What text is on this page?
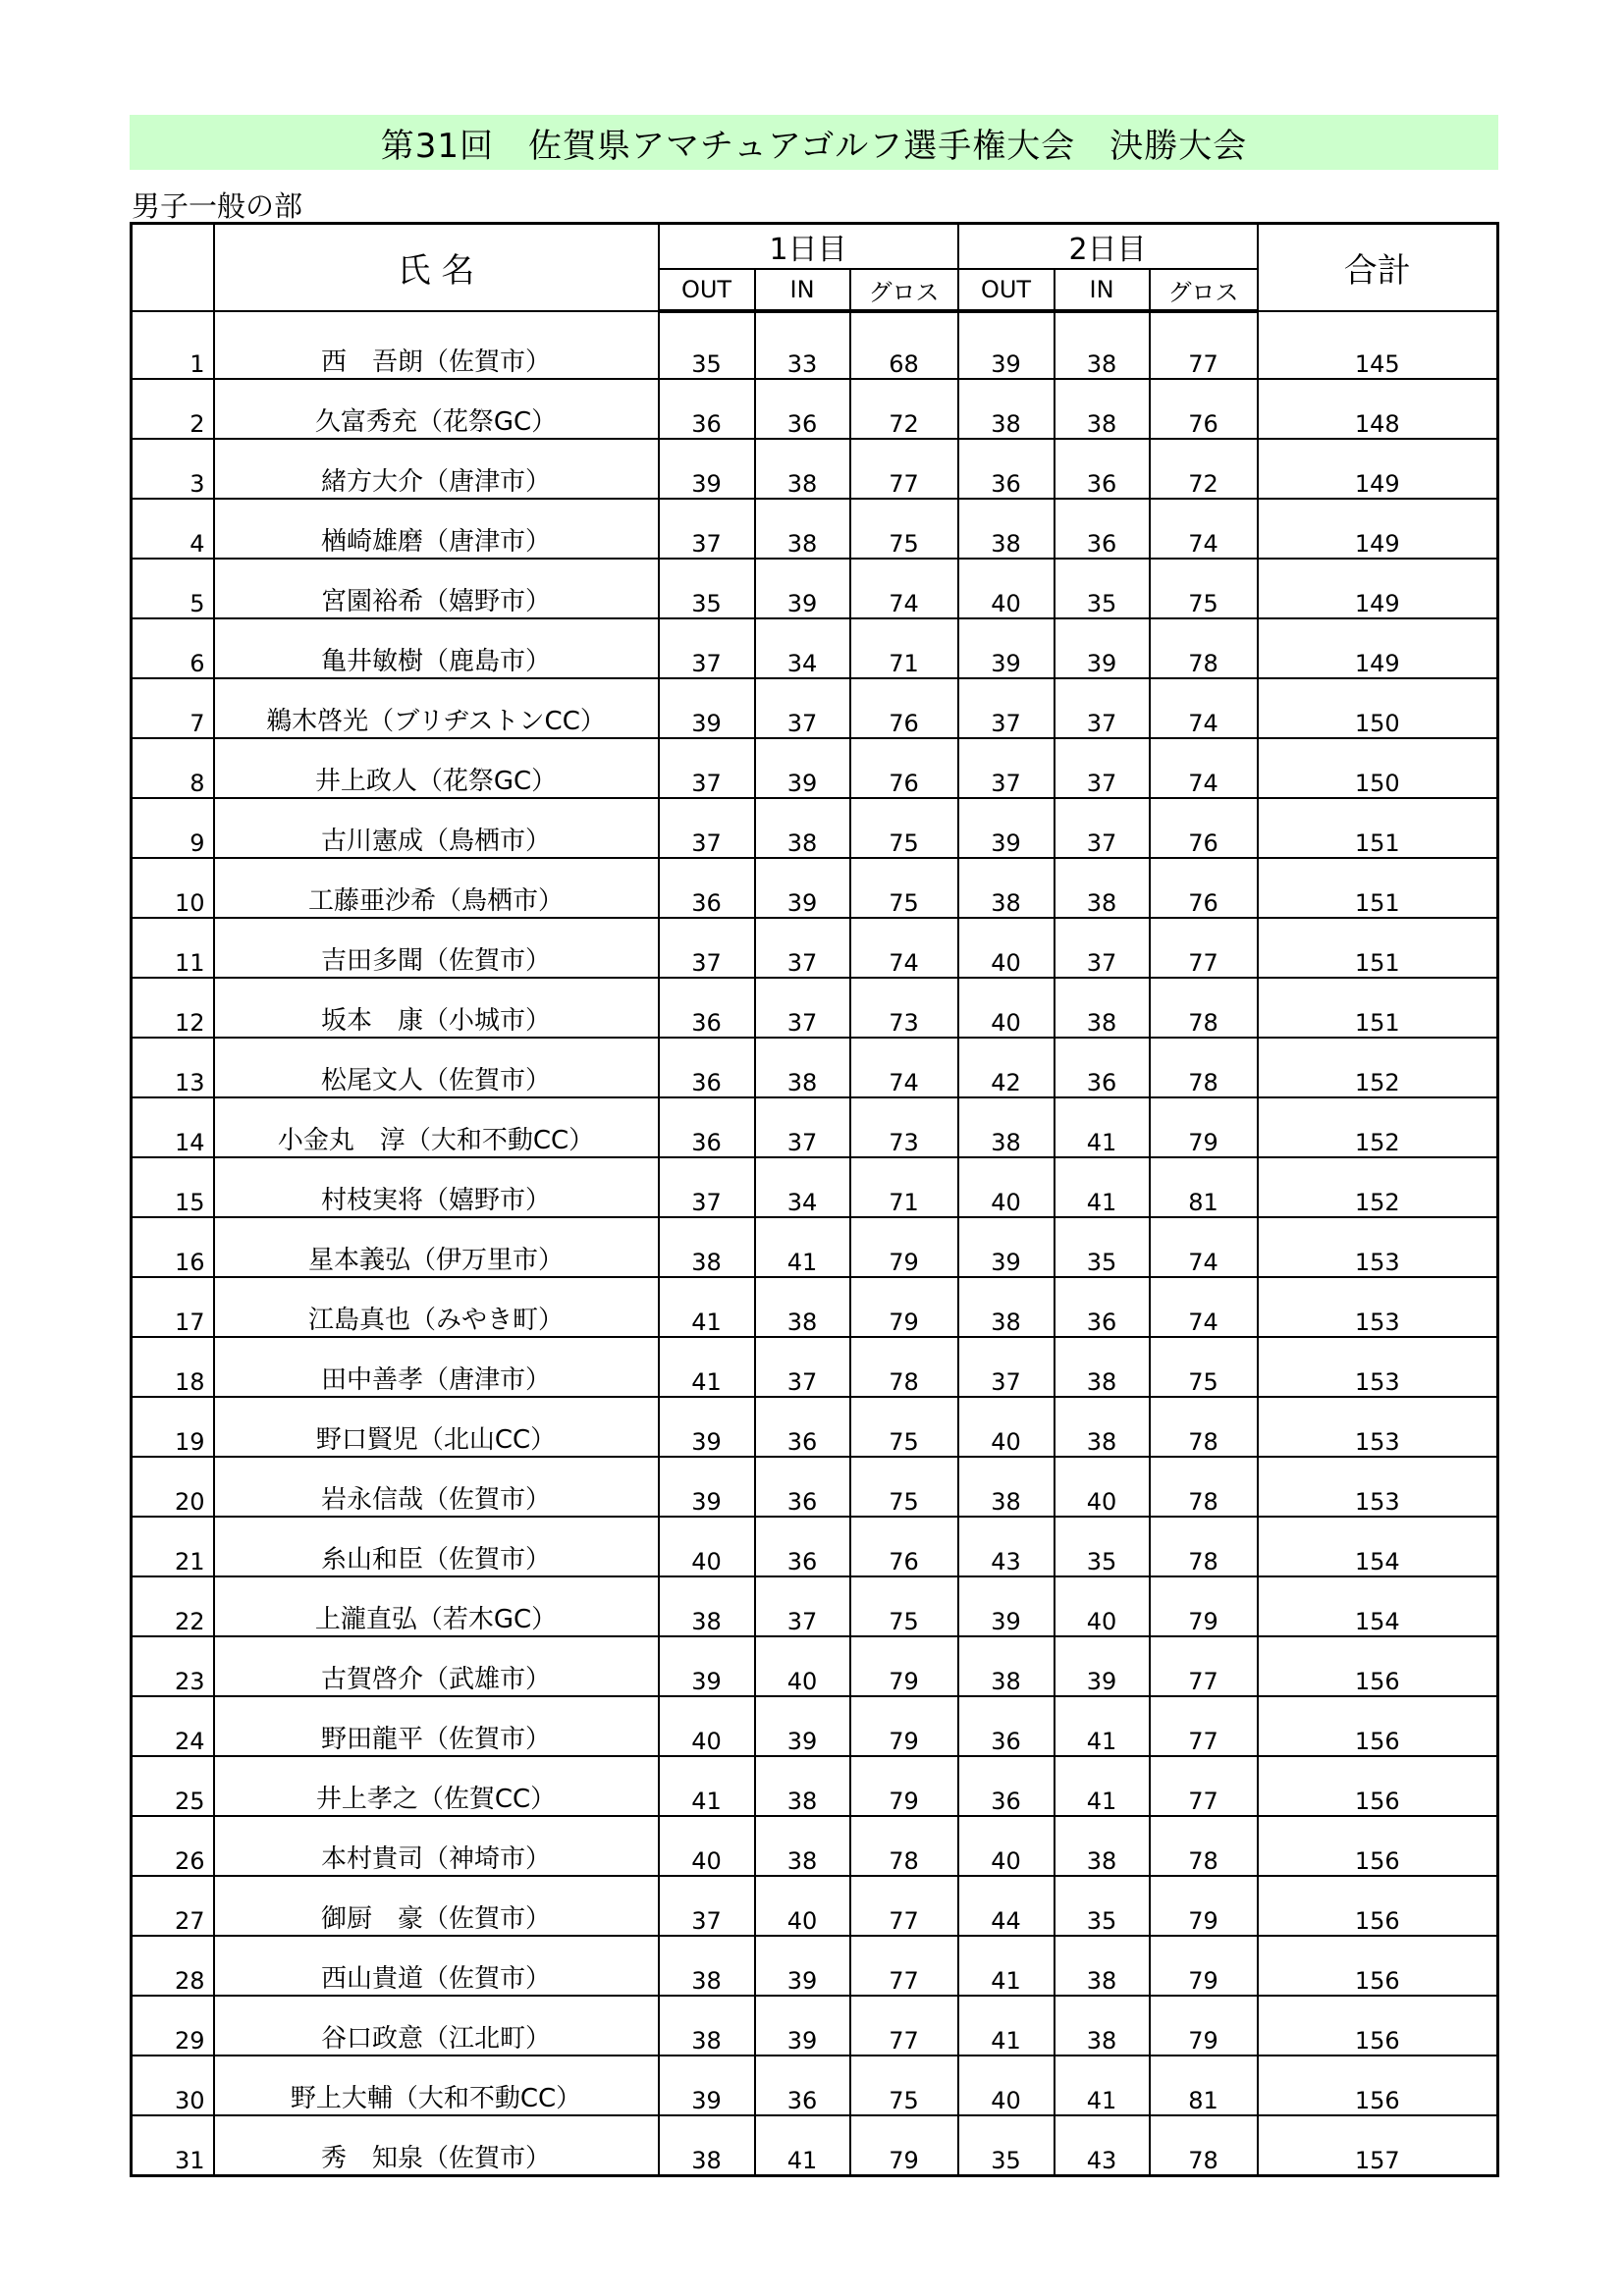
第31回　佐賀県アマチュアゴルフ選手権大会　決勝大会
男子一般の部
	氏 名	1日目			2日目			合計
		OUT	IN	グロス	OUT	IN	グロス	
1	西　吾朗（佐賀市）	35	33	68	39	38	77	145
2	久富秀充（花祭GC）	36	36	72	38	38	76	148
3	緒方大介（唐津市）	39	38	77	36	36	72	149
4	楢崎雄磨（唐津市）	37	38	75	38	36	74	149
5	宮園裕希（嬉野市）	35	39	74	40	35	75	149
6	亀井敏樹（鹿島市）	37	34	71	39	39	78	149
7	鵜木啓光（ブリヂストンCC）	39	37	76	37	37	74	150
8	井上政人（花祭GC）	37	39	76	37	37	74	150
9	古川憲成（鳥栖市）	37	38	75	39	37	76	151
10	工藤亜沙希（鳥栖市）	36	39	75	38	38	76	151
11	吉田多聞（佐賀市）	37	37	74	40	37	77	151
12	坂本　康（小城市）	36	37	73	40	38	78	151
13	松尾文人（佐賀市）	36	38	74	42	36	78	152
14	小金丸　淳（大和不動CC）	36	37	73	38	41	79	152
15	村枝実将（嬉野市）	37	34	71	40	41	81	152
16	星本義弘（伊万里市）	38	41	79	39	35	74	153
17	江島真也（みやき町）	41	38	79	38	36	74	153
18	田中善孝（唐津市）	41	37	78	37	38	75	153
19	野口賢児（北山CC）	39	36	75	40	38	78	153
20	岩永信哉（佐賀市）	39	36	75	38	40	78	153
21	糸山和臣（佐賀市）	40	36	76	43	35	78	154
22	上瀧直弘（若木GC）	38	37	75	39	40	79	154
23	古賀啓介（武雄市）	39	40	79	38	39	77	156
24	野田龍平（佐賀市）	40	39	79	36	41	77	156
25	井上孝之（佐賀CC）	41	38	79	36	41	77	156
26	本村貴司（神埼市）	40	38	78	40	38	78	156
27	御厨　豪（佐賀市）	37	40	77	44	35	79	156
28	西山貴道（佐賀市）	38	39	77	41	38	79	156
29	谷口政意（江北町）	38	39	77	41	38	79	156
30	野上大輔（大和不動CC）	39	36	75	40	41	81	156
31	秀　知泉（佐賀市）	38	41	79	35	43	78	157
